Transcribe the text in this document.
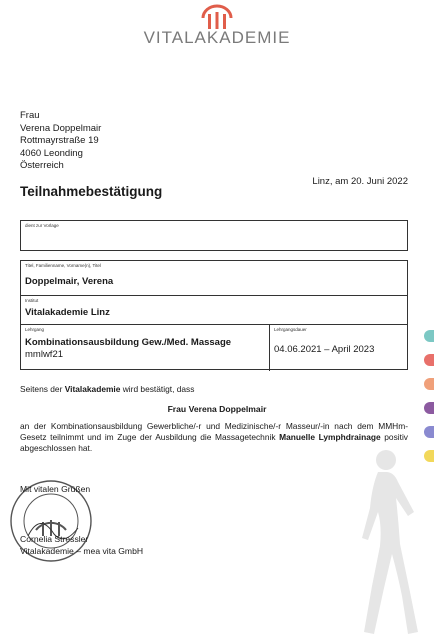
VITALAKADEMIE
Frau
Verena Doppelmair
Rottmayrstraße 19
4060 Leonding
Österreich
Linz, am 20. Juni 2022
Teilnahmebestätigung
dient zur Vorlage
Titel, Familienname, Vorname(n), Titel
Doppelmair, Verena
Institut
Vitalakademie Linz
Lehrgang
Kombinationsausbildung Gew./Med. Massage
mmlwf21
Lehrgangsdauer
04.06.2021 – April 2023
Seitens der Vitalakademie wird bestätigt, dass
Frau Verena Doppelmair
an der Kombinationsausbildung Gewerbliche/-r und Medizinische/-r Masseur/-in nach dem MMHm-Gesetz teilnimmt und im Zuge der Ausbildung die Massagetechnik Manuelle Lymphdrainage positiv abgeschlossen hat.
Mit vitalen Grüßen
Cornelia Stressler
Vitalakademie – mea vita GmbH
